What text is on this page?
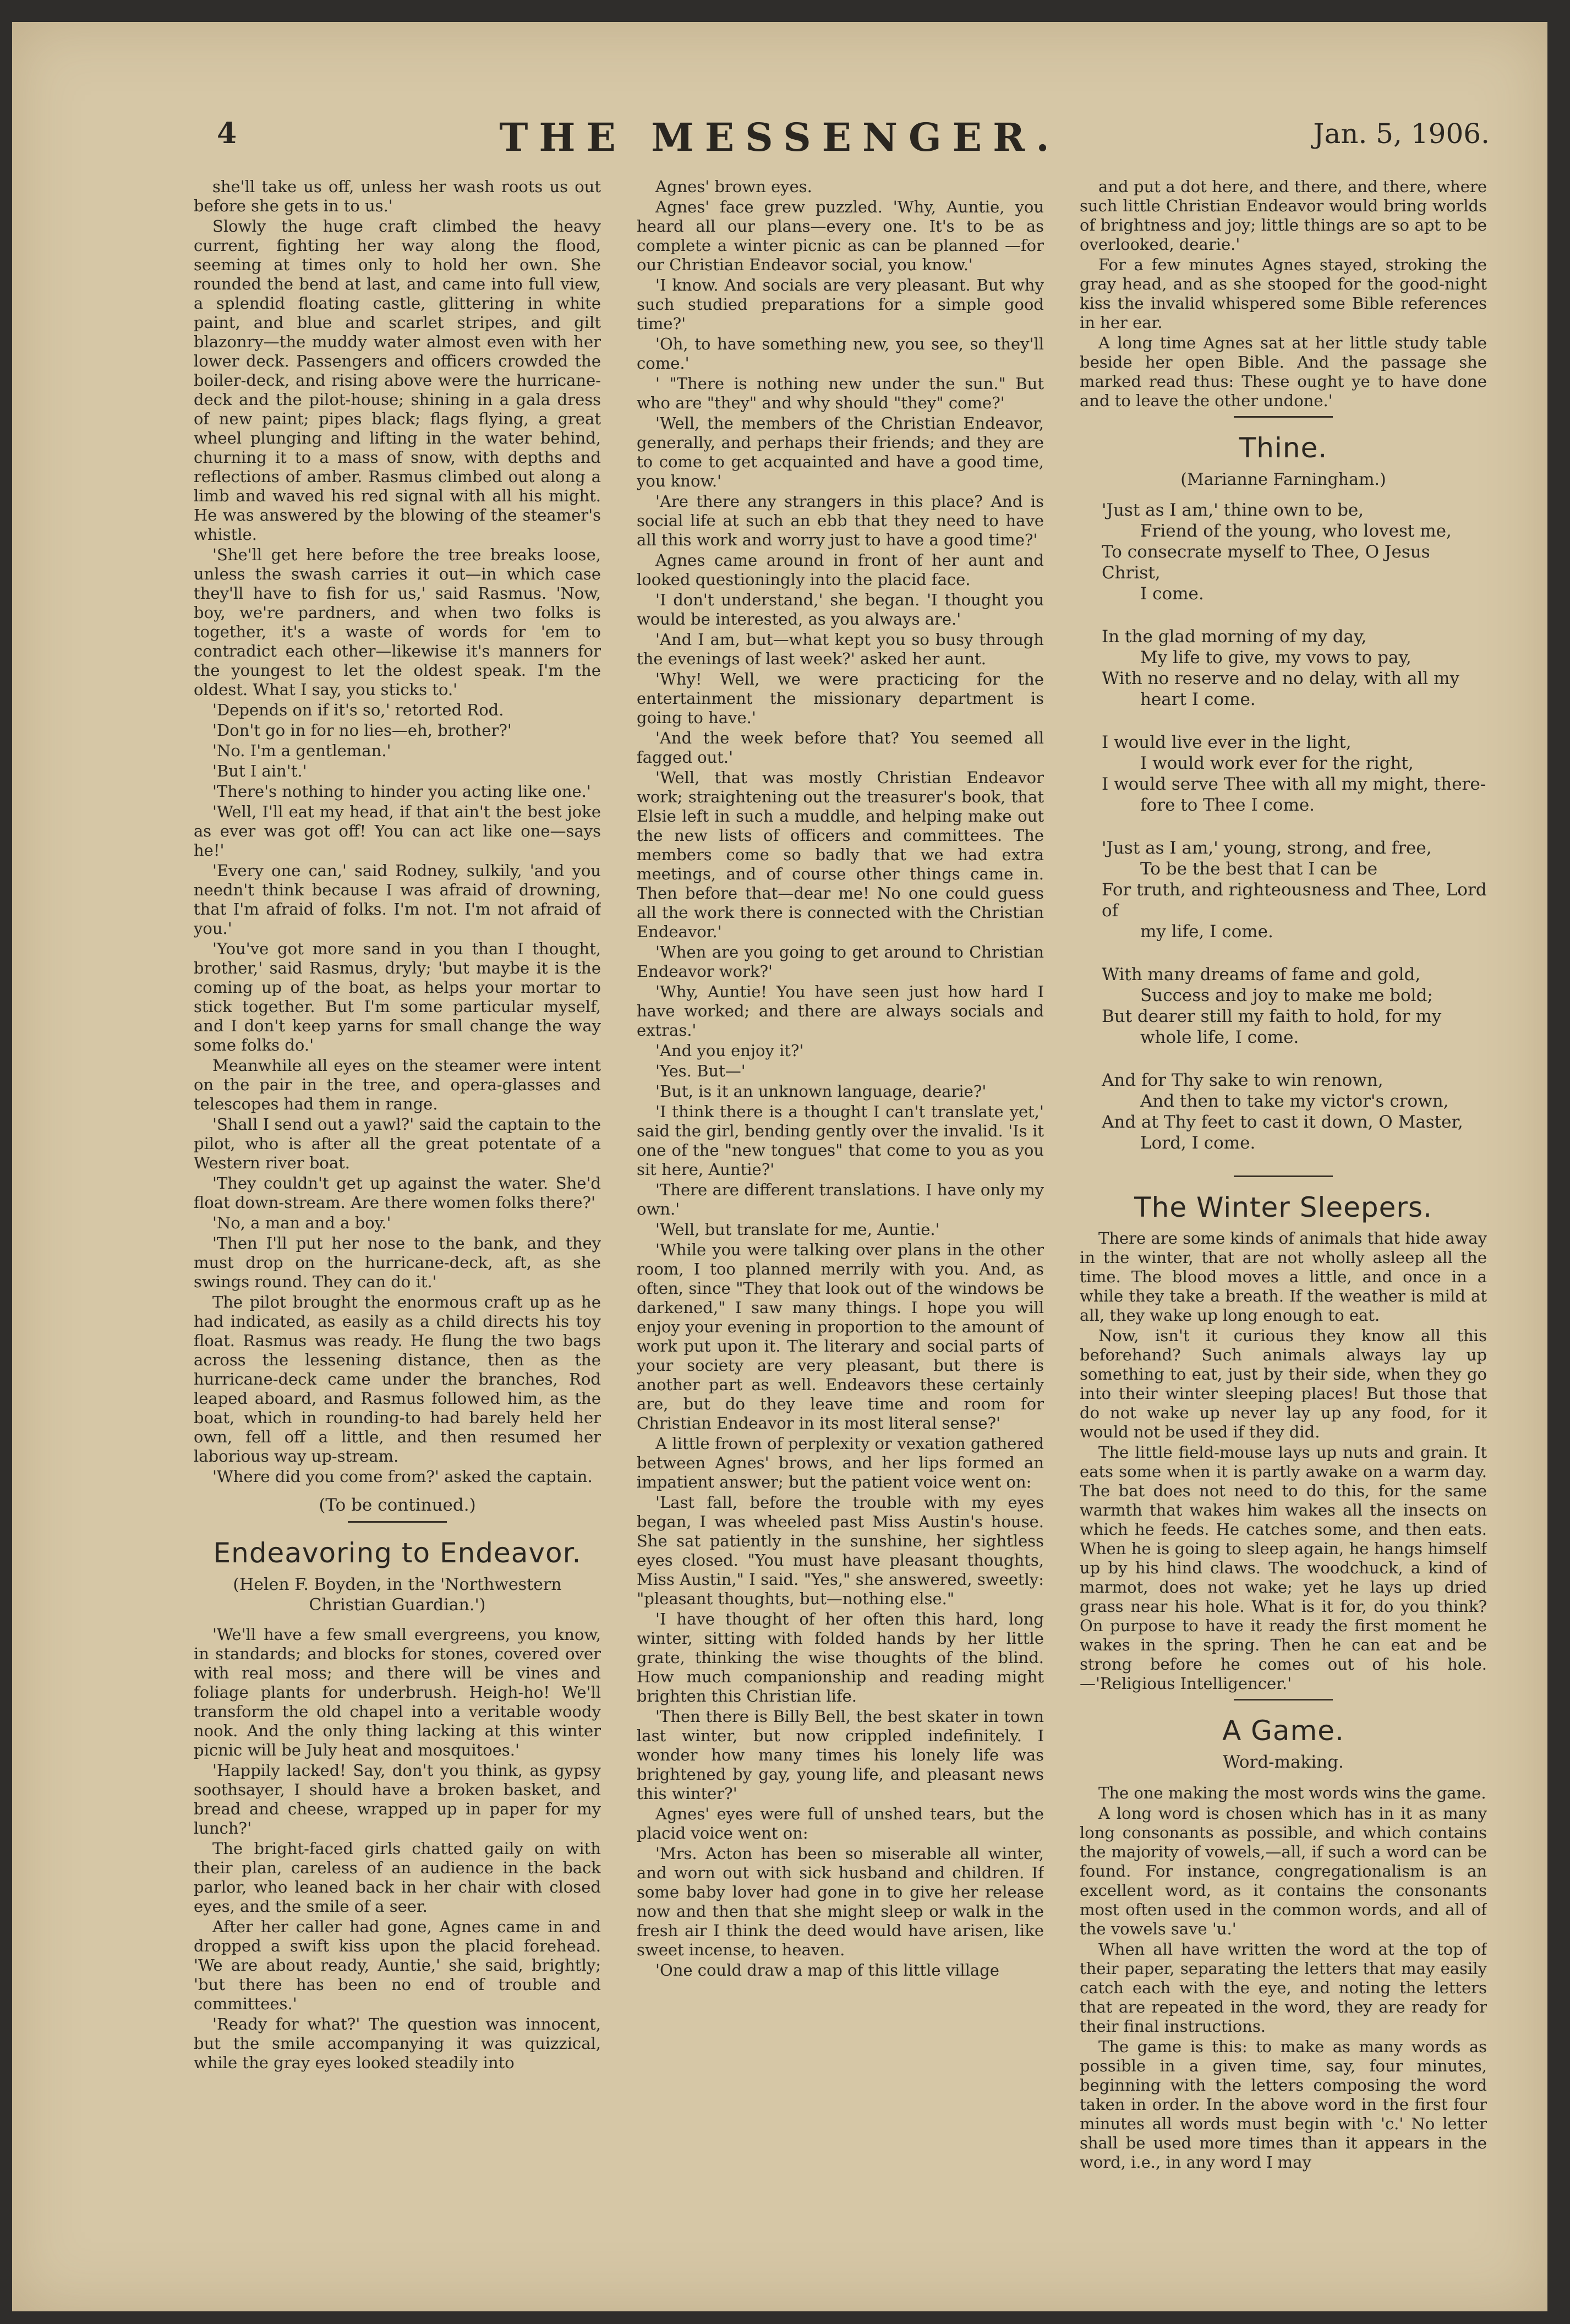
4	THE MESSENGER.	Jan. 5, 1906.

she'll take us off, unless her wash roots us out before she gets in to us.'

Slowly the huge craft climbed the heavy current, fighting her way along the flood, seeming at times only to hold her own. She rounded the bend at last, and came into full view, a splendid floating castle, glittering in white paint, and blue and scarlet stripes, and gilt blazonry—the muddy water almost even with her lower deck. Passengers and officers crowded the boiler-deck, and rising above were the hurricane-deck and the pilot-house; shining in a gala dress of new paint; pipes black; flags flying, a great wheel plunging and lifting in the water behind, churning it to a mass of snow, with depths and reflections of amber. Rasmus climbed out along a limb and waved his red signal with all his might. He was answered by the blowing of the steamer's whistle.

'She'll get here before the tree breaks loose, unless the swash carries it out—in which case they'll have to fish for us,' said Rasmus. 'Now, boy, we're pardners, and when two folks is together, it's a waste of words for 'em to contradict each other—likewise it's manners for the youngest to let the oldest speak. I'm the oldest. What I say, you sticks to.'

'Depends on if it's so,' retorted Rod.

'Don't go in for no lies—eh, brother?'

'No. I'm a gentleman.'

'But I ain't.'

'There's nothing to hinder you acting like one.'

'Well, I'll eat my head, if that ain't the best joke as ever was got off! You can act like one—says he!'

'Every one can,' said Rodney, sulkily, 'and you needn't think because I was afraid of drowning, that I'm afraid of folks. I'm not. I'm not afraid of you.'

'You've got more sand in you than I thought, brother,' said Rasmus, dryly; 'but maybe it is the coming up of the boat, as helps your mortar to stick together. But I'm some particular myself, and I don't keep yarns for small change the way some folks do.'

Meanwhile all eyes on the steamer were intent on the pair in the tree, and opera-glasses and telescopes had them in range.

'Shall I send out a yawl?' said the captain to the pilot, who is after all the great potentate of a Western river boat.

'They couldn't get up against the water. She'd float down-stream. Are there women folks there?'

'No, a man and a boy.'

'Then I'll put her nose to the bank, and they must drop on the hurricane-deck, aft, as she swings round. They can do it.'

The pilot brought the enormous craft up as he had indicated, as easily as a child directs his toy float. Rasmus was ready. He flung the two bags across the lessening distance, then as the hurricane-deck came under the branches, Rod leaped aboard, and Rasmus followed him, as the boat, which in rounding-to had barely held her own, fell off a little, and then resumed her laborious way up-stream.

'Where did you come from?' asked the captain.

(To be continued.)

Endeavoring to Endeavor.

(Helen F. Boyden, in the 'Northwestern Christian Guardian.')

'We'll have a few small evergreens, you know, in standards; and blocks for stones, covered over with real moss; and there will be vines and foliage plants for underbrush. Heigh-ho! We'll transform the old chapel into a veritable woody nook. And the only thing lacking at this winter picnic will be July heat and mosquitoes.'

'Happily lacked! Say, don't you think, as gypsy soothsayer, I should have a broken basket, and bread and cheese, wrapped up in paper for my lunch?'

The bright-faced girls chatted gaily on with their plan, careless of an audience in the back parlor, who leaned back in her chair with closed eyes, and the smile of a seer.

After her caller had gone, Agnes came in and dropped a swift kiss upon the placid forehead. 'We are about ready, Auntie,' she said, brightly; 'but there has been no end of trouble and committees.'

'Ready for what?' The question was innocent, but the smile accompanying it was quizzical, while the gray eyes looked steadily into

Agnes' brown eyes.

Agnes' face grew puzzled. 'Why, Auntie, you heard all our plans—every one. It's to be as complete a winter picnic as can be planned —for our Christian Endeavor social, you know.'

'I know. And socials are very pleasant. But why such studied preparations for a simple good time?'

'Oh, to have something new, you see, so they'll come.'

' "There is nothing new under the sun." But who are "they" and why should "they" come?'

'Well, the members of the Christian Endeavor, generally, and perhaps their friends; and they are to come to get acquainted and have a good time, you know.'

'Are there any strangers in this place? And is social life at such an ebb that they need to have all this work and worry just to have a good time?'

Agnes came around in front of her aunt and looked questioningly into the placid face.

'I don't understand,' she began. 'I thought you would be interested, as you always are.'

'And I am, but—what kept you so busy through the evenings of last week?' asked her aunt.

'Why! Well, we were practicing for the entertainment the missionary department is going to have.'

'And the week before that? You seemed all fagged out.'

'Well, that was mostly Christian Endeavor work; straightening out the treasurer's book, that Elsie left in such a muddle, and helping make out the new lists of officers and committees. The members come so badly that we had extra meetings, and of course other things came in. Then before that—dear me! No one could guess all the work there is connected with the Christian Endeavor.'

'When are you going to get around to Christian Endeavor work?'

'Why, Auntie! You have seen just how hard I have worked; and there are always socials and extras.'

'And you enjoy it?'

'Yes. But—'

'But, is it an unknown language, dearie?'

'I think there is a thought I can't translate yet,' said the girl, bending gently over the invalid. 'Is it one of the "new tongues" that come to you as you sit here, Auntie?'

'There are different translations. I have only my own.'

'Well, but translate for me, Auntie.'

'While you were talking over plans in the other room, I too planned merrily with you. And, as often, since "They that look out of the windows be darkened," I saw many things. I hope you will enjoy your evening in proportion to the amount of work put upon it. The literary and social parts of your society are very pleasant, but there is another part as well. Endeavors these certainly are, but do they leave time and room for Christian Endeavor in its most literal sense?'

A little frown of perplexity or vexation gathered between Agnes' brows, and her lips formed an impatient answer; but the patient voice went on:

'Last fall, before the trouble with my eyes began, I was wheeled past Miss Austin's house. She sat patiently in the sunshine, her sightless eyes closed. "You must have pleasant thoughts, Miss Austin," I said. "Yes," she answered, sweetly: "pleasant thoughts, but—nothing else."

'I have thought of her often this hard, long winter, sitting with folded hands by her little grate, thinking the wise thoughts of the blind. How much companionship and reading might brighten this Christian life.

'Then there is Billy Bell, the best skater in town last winter, but now crippled indefinitely. I wonder how many times his lonely life was brightened by gay, young life, and pleasant news this winter?'

Agnes' eyes were full of unshed tears, but the placid voice went on:

'Mrs. Acton has been so miserable all winter, and worn out with sick husband and children. If some baby lover had gone in to give her release now and then that she might sleep or walk in the fresh air I think the deed would have arisen, like sweet incense, to heaven.

'One could draw a map of this little village

and put a dot here, and there, and there, where such little Christian Endeavor would bring worlds of brightness and joy; little things are so apt to be overlooked, dearie.'

For a few minutes Agnes stayed, stroking the gray head, and as she stooped for the good-night kiss the invalid whispered some Bible references in her ear.

A long time Agnes sat at her little study table beside her open Bible. And the passage she marked read thus: These ought ye to have done and to leave the other undone.'

Thine.

(Marianne Farningham.)

'Just as I am,' thine own to be,
Friend of the young, who lovest me,
To consecrate myself to Thee, O Jesus Christ,
I come.
In the glad morning of my day,
My life to give, my vows to pay,
With no reserve and no delay, with all my
heart I come.
I would live ever in the light,
I would work ever for the right,
I would serve Thee with all my might, there-
fore to Thee I come.
'Just as I am,' young, strong, and free,
To be the best that I can be
For truth, and righteousness and Thee, Lord of
my life, I come.
With many dreams of fame and gold,
Success and joy to make me bold;
But dearer still my faith to hold, for my
whole life, I come.
And for Thy sake to win renown,
And then to take my victor's crown,
And at Thy feet to cast it down, O Master,
Lord, I come.
The Winter Sleepers.

There are some kinds of animals that hide away in the winter, that are not wholly asleep all the time. The blood moves a little, and once in a while they take a breath. If the weather is mild at all, they wake up long enough to eat.

Now, isn't it curious they know all this beforehand? Such animals always lay up something to eat, just by their side, when they go into their winter sleeping places! But those that do not wake up never lay up any food, for it would not be used if they did.

The little field-mouse lays up nuts and grain. It eats some when it is partly awake on a warm day. The bat does not need to do this, for the same warmth that wakes him wakes all the insects on which he feeds. He catches some, and then eats. When he is going to sleep again, he hangs himself up by his hind claws. The woodchuck, a kind of marmot, does not wake; yet he lays up dried grass near his hole. What is it for, do you think? On purpose to have it ready the first moment he wakes in the spring. Then he can eat and be strong before he comes out of his hole.—'Religious Intelligencer.'

A Game.

Word-making.

The one making the most words wins the game.

A long word is chosen which has in it as many long consonants as possible, and which contains the majority of vowels,—all, if such a word can be found. For instance, congregationalism is an excellent word, as it contains the consonants most often used in the common words, and all of the vowels save 'u.'

When all have written the word at the top of their paper, separating the letters that may easily catch each with the eye, and noting the letters that are repeated in the word, they are ready for their final instructions.

The game is this: to make as many words as possible in a given time, say, four minutes, beginning with the letters composing the word taken in order. In the above word in the first four minutes all words must begin with 'c.' No letter shall be used more times than it appears in the word, i.e., in any word I may
